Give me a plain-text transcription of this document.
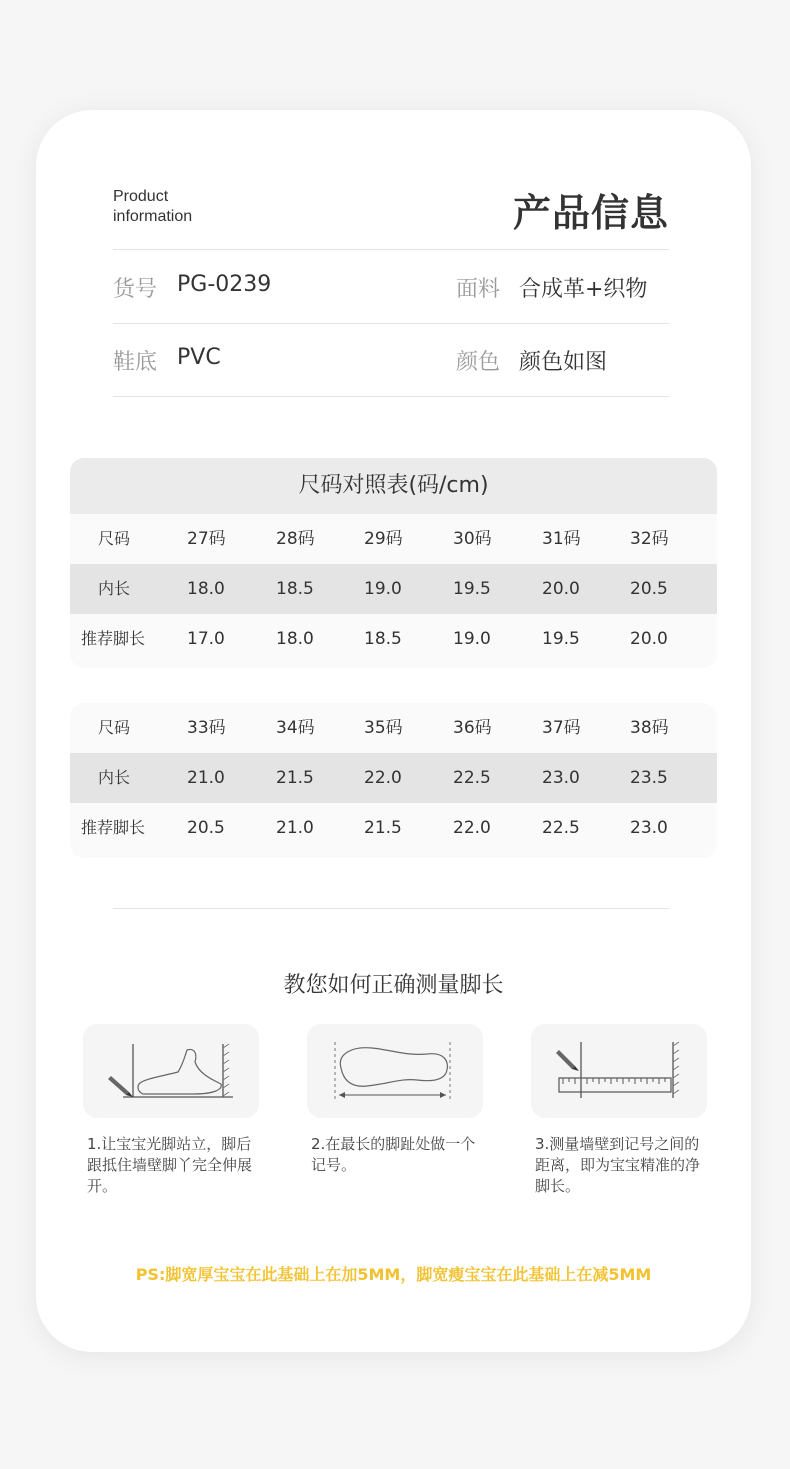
Product
information	产品信息
货号 PG-0239	面料 合成革+织物
鞋底 PVC	颜色 颜色如图
尺码对照表(码/cm)
尺码	27码	28码	29码	30码	31码	32码
内长	18.0	18.5	19.0	19.5	20.0	20.5
推荐脚长 17.0	18.0	18.5	19.0	19.5	20.0
尺码	33码	34码	35码	36码	37码	38码
内长	21.0	21.5	22.0	22.5	23.0	23.5
推荐脚长 20.5	21.0	21.5	22.0	22.5	23.0
教您如何正确测量脚长
1.让宝宝光脚站立，脚后跟抵住墙壁脚丫完全伸展开。
2.在最长的脚趾处做一个记号。
3.测量墙壁到记号之间的距离，即为宝宝精准的净脚长。
PS:脚宽厚宝宝在此基础上在加5MM，脚宽瘦宝宝在此基础上在减5MM
